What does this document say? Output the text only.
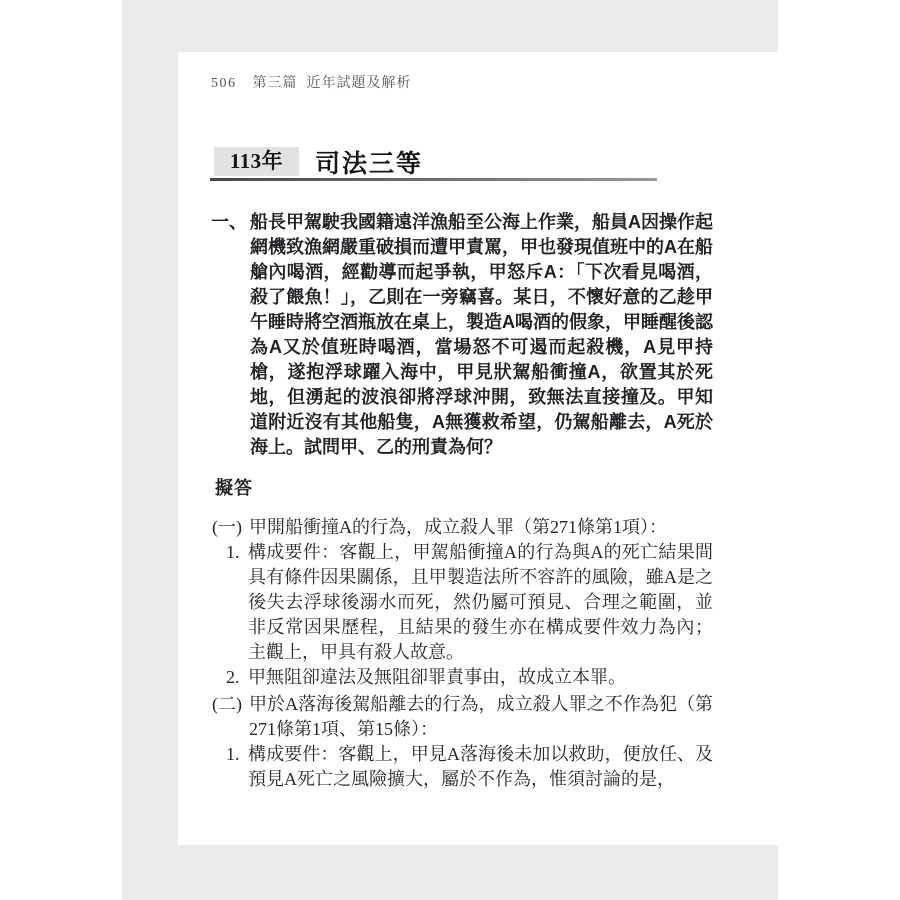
506 第三篇 近年試題及解析
113年	司法三等
一、 船長甲駕駛我國籍遠洋漁船至公海上作業，船員A因操作起網機致漁網嚴重破損而遭甲責罵，甲也發現值班中的A在船艙內喝酒，經勸導而起爭執，甲怒斥A：「下次看見喝酒，殺了餵魚！」，乙則在一旁竊喜。某日，不懷好意的乙趁甲午睡時將空酒瓶放在桌上，製造A喝酒的假象，甲睡醒後認為A又於值班時喝酒，當場怒不可遏而起殺機，A見甲持槍，遂抱浮球躍入海中，甲見狀駕船衝撞A，欲置其於死地，但湧起的波浪卻將浮球沖開，致無法直接撞及。甲知道附近沒有其他船隻，A無獲救希望，仍駕船離去，A死於海上。試問甲、乙的刑責為何？
擬答
(一) 甲開船衝撞A的行為，成立殺人罪（第271條第1項）：
1. 構成要件：客觀上，甲駕船衝撞A的行為與A的死亡結果間具有條件因果關係，且甲製造法所不容許的風險，雖A是之後失去浮球後溺水而死，然仍屬可預見、合理之範圍，並非反常因果歷程，且結果的發生亦在構成要件效力為內；主觀上，甲具有殺人故意。
2. 甲無阻卻違法及無阻卻罪責事由，故成立本罪。
(二) 甲於A落海後駕船離去的行為，成立殺人罪之不作為犯（第271條第1項、第15條）：
1. 構成要件：客觀上，甲見A落海後未加以救助，便放任、及預見A死亡之風險擴大，屬於不作為，惟須討論的是，
